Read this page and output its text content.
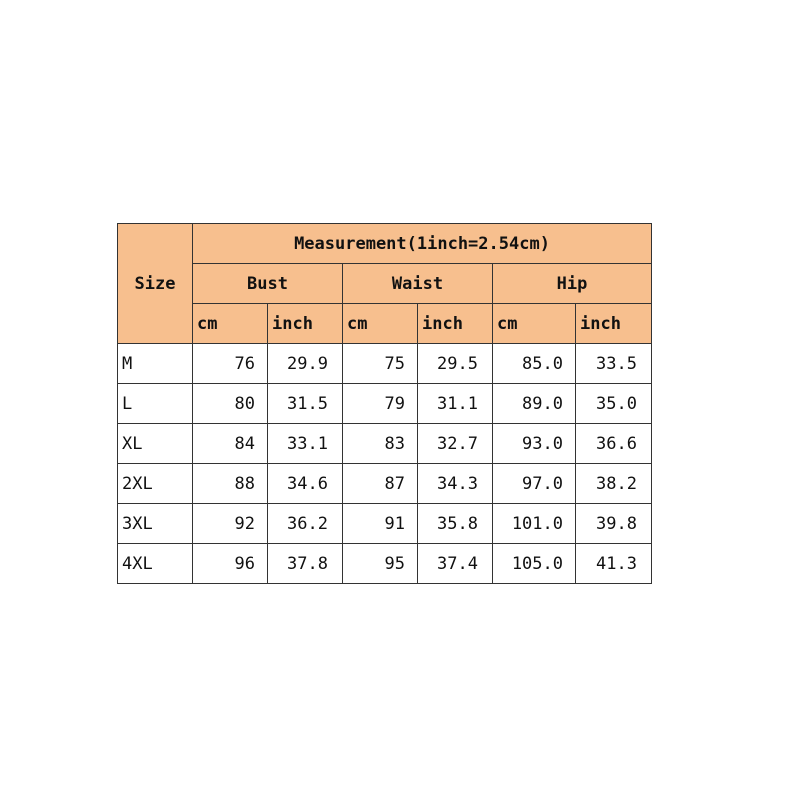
Size	Measurement(1inch=2.54cm)					
	Bust		Waist		Hip	
	cm	inch	cm	inch	cm	inch
M	76	29.9	75	29.5	85.0	33.5
L	80	31.5	79	31.1	89.0	35.0
XL	84	33.1	83	32.7	93.0	36.6
2XL	88	34.6	87	34.3	97.0	38.2
3XL	92	36.2	91	35.8	101.0	39.8
4XL	96	37.8	95	37.4	105.0	41.3
